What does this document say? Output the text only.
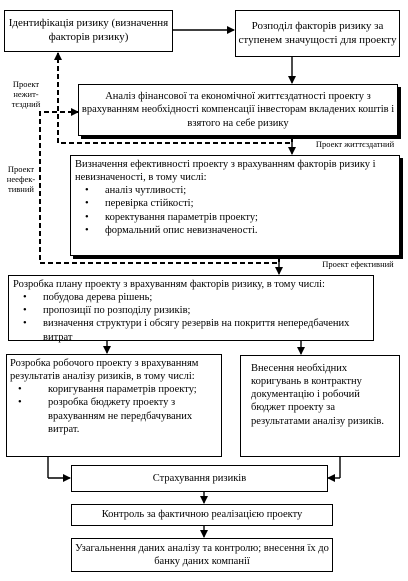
Ідентифікація ризику (визначення факторів ризику)
Розподіл факторів ризику за ступенем значущості для проекту
Аналіз фінансової та економічної життєздатності проекту з врахуванням необхідності компенсації інвесторам вкладених коштів і взятого на себе ризику
Визначення ефективності проекту з врахуванням факторів ризику і невизначеності, в тому числі:
• аналіз чутливості;
• перевірка стійкості;
• коректування параметрів проекту;
• формальний опис невизначеності.
Розробка плану проекту з врахуванням факторів ризику, в тому числі:
• побудова дерева рішень;
• пропозиції по розподілу ризиків;
• визначення структури і обсягу резервів на покриття непередбачених витрат
Розробка робочого проекту з врахуванням результатів аналізу ризиків, в тому числі:
• коригування параметрів проекту;
• розробка бюджету проекту з врахуванням не передбачуваних витрат.
Внесення необхідних коригувань в контрактну документацію і робочий бюджет проекту за результатами аналізу ризиків.
Страхування ризиків
Контроль за фактичною реалізацією проекту
Узагальнення даних аналізу та контролю; внесення їх до банку даних компанії
Проект нежит-тєздний
Проект життєздатний
Проект неефек-тивний
Проект ефективний
